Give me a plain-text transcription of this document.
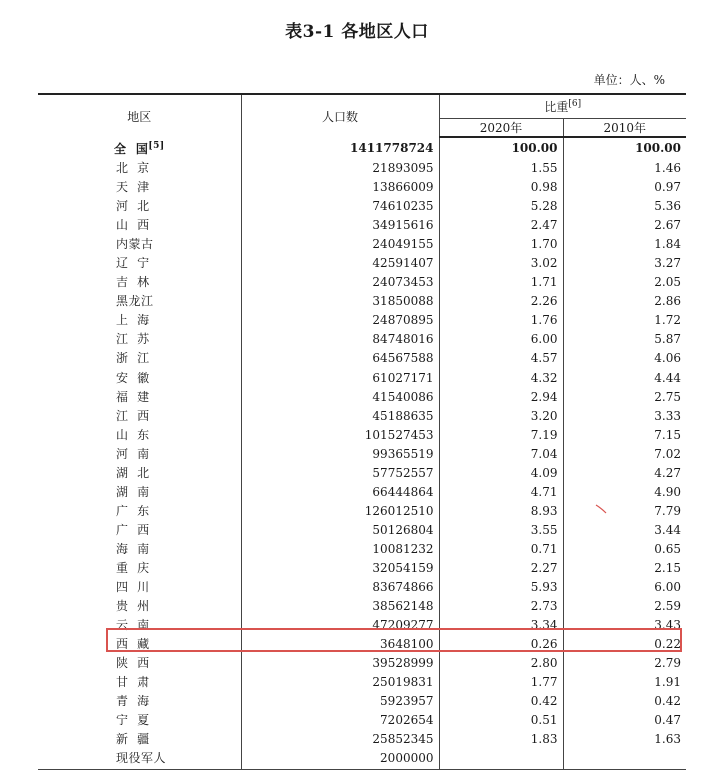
表3-1 各地区人口
单位：人、%
地区	人口数	比重[6]
		2020年	2010年
全  国[5]	1411778724	100.00	100.00
北  京	21893095	1.55	1.46
天  津	13866009	0.98	0.97
河  北	74610235	5.28	5.36
山  西	34915616	2.47	2.67
内蒙古	24049155	1.70	1.84
辽  宁	42591407	3.02	3.27
吉  林	24073453	1.71	2.05
黑龙江	31850088	2.26	2.86
上  海	24870895	1.76	1.72
江  苏	84748016	6.00	5.87
浙  江	64567588	4.57	4.06
安  徽	61027171	4.32	4.44
福  建	41540086	2.94	2.75
江  西	45188635	3.20	3.33
山  东	101527453	7.19	7.15
河  南	99365519	7.04	7.02
湖  北	57752557	4.09	4.27
湖  南	66444864	4.71	4.90
广  东	126012510	8.93	7.79
广  西	50126804	3.55	3.44
海  南	10081232	0.71	0.65
重  庆	32054159	2.27	2.15
四  川	83674866	5.93	6.00
贵  州	38562148	2.73	2.59
云  南	47209277	3.34	3.43
西  藏	3648100	0.26	0.22
陕  西	39528999	2.80	2.79
甘  肃	25019831	1.77	1.91
青  海	5923957	0.42	0.42
宁  夏	7202654	0.51	0.47
新  疆	25852345	1.83	1.63
现役军人	2000000		
